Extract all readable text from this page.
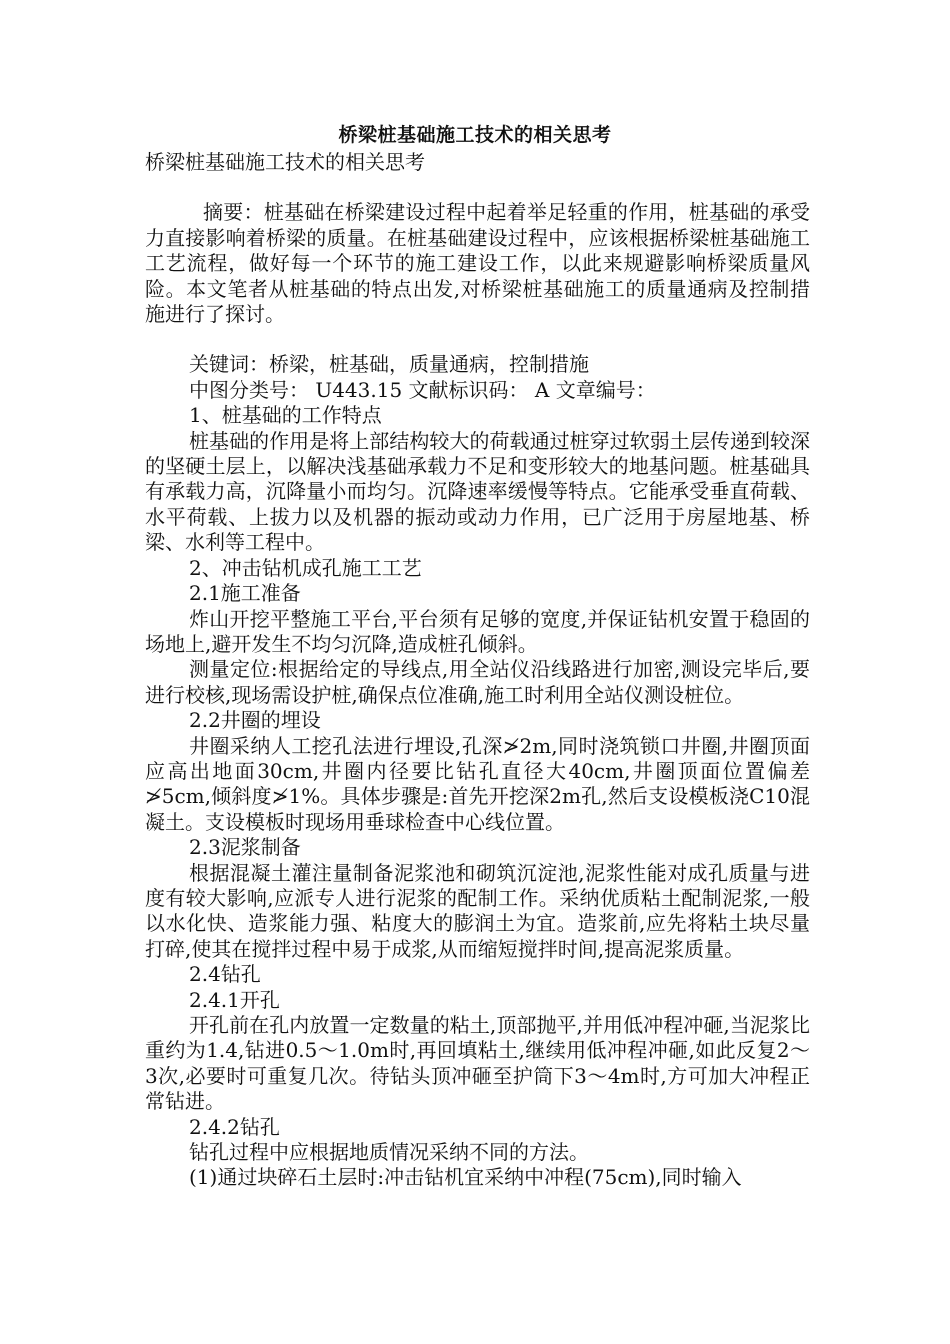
桥梁桩基础施工技术的相关思考

桥梁桩基础施工技术的相关思考

摘要：桩基础在桥梁建设过程中起着举足轻重的作用，桩基础的承受力直接影响着桥梁的质量。在桩基础建设过程中，应该根据桥梁桩基础施工工艺流程，做好每一个环节的施工建设工作，以此来规避影响桥梁质量风险。本文笔者从桩基础的特点出发,对桥梁桩基础施工的质量通病及控制措施进行了探讨。

关键词：桥梁，桩基础，质量通病，控制措施

中图分类号： U443.15 文献标识码： A 文章编号：

1、桩基础的工作特点

桩基础的作用是将上部结构较大的荷载通过桩穿过软弱土层传递到较深的坚硬土层上，以解决浅基础承载力不足和变形较大的地基问题。桩基础具有承载力高，沉降量小而均匀。沉降速率缓慢等特点。它能承受垂直荷载、水平荷载、上拔力以及机器的振动或动力作用，已广泛用于房屋地基、桥梁、水利等工程中。

2、冲击钻机成孔施工工艺

2.1施工准备

炸山开挖平整施工平台,平台须有足够的宽度,并保证钻机安置于稳固的场地上,避开发生不均匀沉降,造成桩孔倾斜。

测量定位:根据给定的导线点,用全站仪沿线路进行加密,测设完毕后,要进行校核,现场需设护桩,确保点位准确,施工时利用全站仪测设桩位。

2.2井圈的埋设

井圈采纳人工挖孔法进行埋设,孔深≯2m,同时浇筑锁口井圈,井圈顶面应高出地面30cm,井圈内径要比钻孔直径大40cm,井圈顶面位置偏差≯5cm,倾斜度≯1%。具体步骤是:首先开挖深2m孔,然后支设模板浇C10混凝土。支设模板时现场用垂球检查中心线位置。

2.3泥浆制备

根据混凝土灌注量制备泥浆池和砌筑沉淀池,泥浆性能对成孔质量与进度有较大影响,应派专人进行泥浆的配制工作。采纳优质粘土配制泥浆,一般以水化快、造浆能力强、粘度大的膨润土为宜。造浆前,应先将粘土块尽量打碎,使其在搅拌过程中易于成浆,从而缩短搅拌时间,提高泥浆质量。

2.4钻孔

2.4.1开孔

开孔前在孔内放置一定数量的粘土,顶部抛平,并用低冲程冲砸,当泥浆比重约为1.4,钻进0.5～1.0m时,再回填粘土,继续用低冲程冲砸,如此反复2～3次,必要时可重复几次。待钻头顶冲砸至护筒下3～4m时,方可加大冲程正常钻进。

2.4.2钻孔

钻孔过程中应根据地质情况采纳不同的方法。

(1)通过块碎石土层时:冲击钻机宜采纳中冲程(75cm),同时输入
